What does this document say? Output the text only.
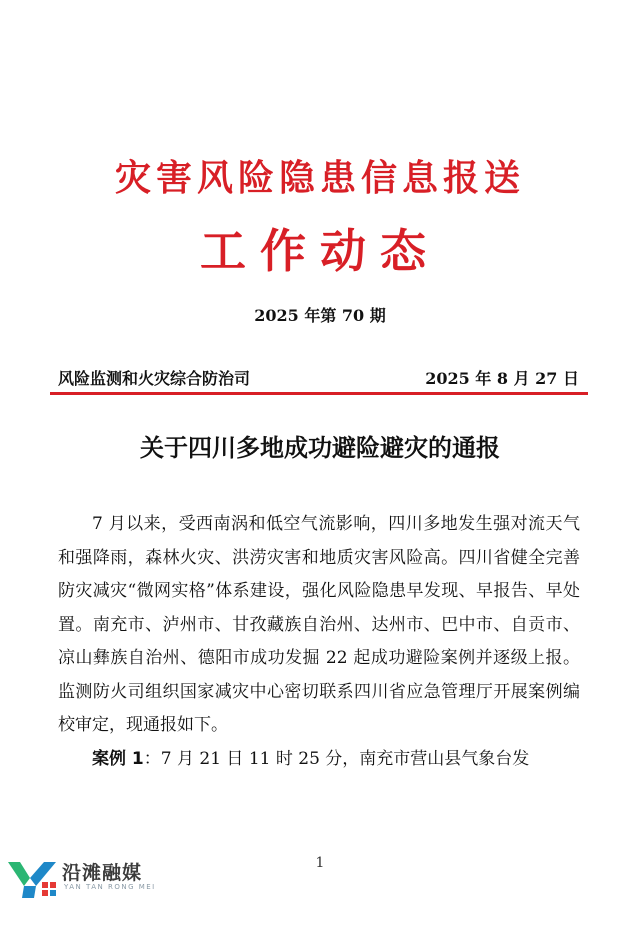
灾害风险隐患信息报送
工作动态
2025 年第 70 期
风险监测和火灾综合防治司	2025 年 8 月 27 日
关于四川多地成功避险避灾的通报

7 月以来，受西南涡和低空气流影响，四川多地发生强对流天气和强降雨，森林火灾、洪涝灾害和地质灾害风险高。四川省健全完善防灾减灾“微网实格”体系建设，强化风险隐患早发现、早报告、早处置。南充市、泸州市、甘孜藏族自治州、达州市、巴中市、自贡市、凉山彝族自治州、德阳市成功发掘 22 起成功避险案例并逐级上报。监测防火司组织国家减灾中心密切联系四川省应急管理厅开展案例编校审定，现通报如下。

案例 1：7 月 21 日 11 时 25 分，南充市营山县气象台发

1
沿滩融媒
YAN TAN RONG MEI
